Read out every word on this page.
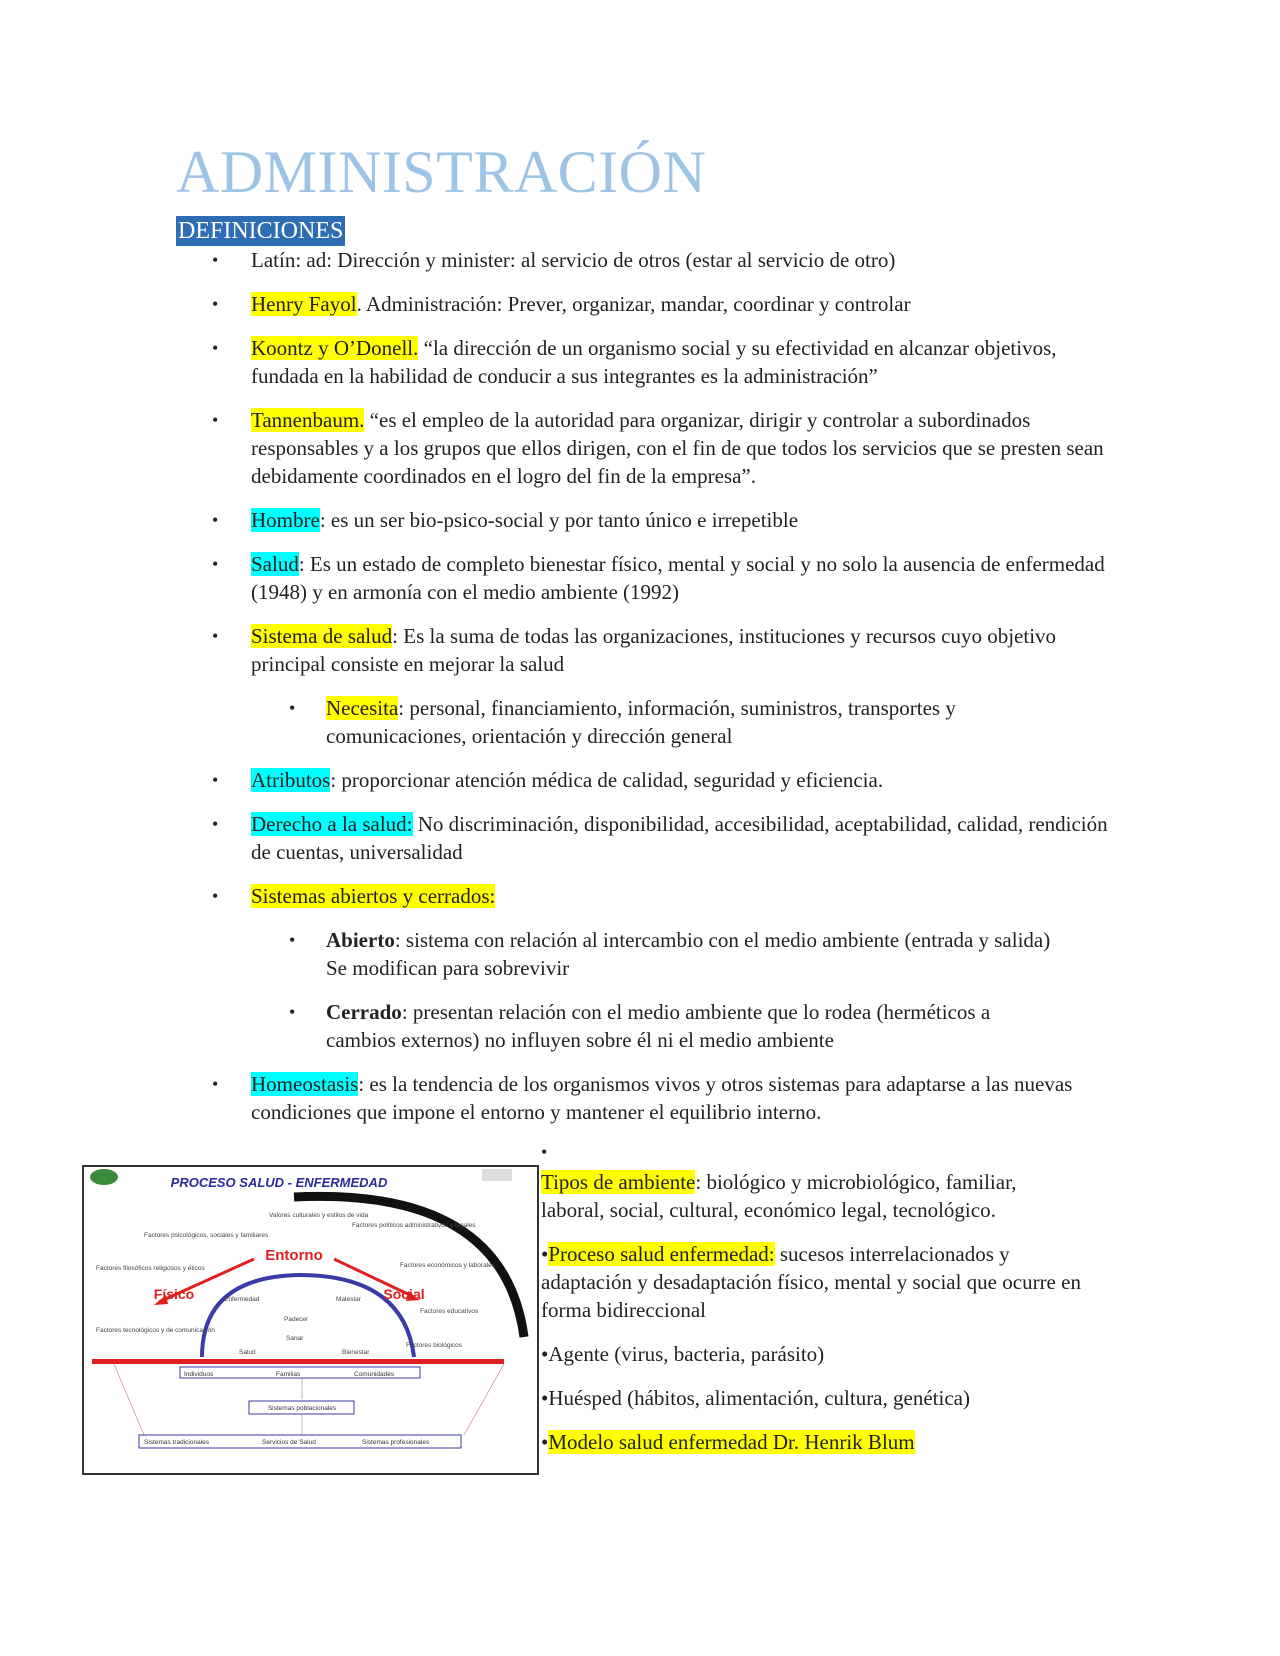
ADMINISTRACIÓN
DEFINICIONES
• Latín: ad: Dirección y minister: al servicio de otros (estar al servicio de otro)
• Henry Fayol. Administración: Prever, organizar, mandar, coordinar y controlar
• Koontz y O’Donell. “la dirección de un organismo social y su efectividad en alcanzar objetivos, fundada en la habilidad de conducir a sus integrantes es la administración”
• Tannenbaum. “es el empleo de la autoridad para organizar, dirigir y controlar a subordinados responsables y a los grupos que ellos dirigen, con el fin de que todos los servicios que se presten sean debidamente coordinados en el logro del fin de la empresa”.
• Hombre: es un ser bio-psico-social y por tanto único e irrepetible
• Salud: Es un estado de completo bienestar físico, mental y social y no solo la ausencia de enfermedad (1948) y en armonía con el medio ambiente (1992)
• Sistema de salud: Es la suma de todas las organizaciones, instituciones y recursos cuyo objetivo principal consiste en mejorar la salud
• Necesita: personal, financiamiento, información, suministros, transportes y comunicaciones, orientación y dirección general
• Atributos: proporcionar atención médica de calidad, seguridad y eficiencia.
• Derecho a la salud: No discriminación, disponibilidad, accesibilidad, aceptabilidad, calidad, rendición de cuentas, universalidad
• Sistemas abiertos y cerrados:
• Abierto: sistema con relación al intercambio con el medio ambiente (entrada y salida) Se modifican para sobrevivir
• Cerrado: presentan relación con el medio ambiente que lo rodea (herméticos a cambios externos) no influyen sobre él ni el medio ambiente
• Homeostasis: es la tendencia de los organismos vivos y otros sistemas para adaptarse a las nuevas condiciones que impone el entorno y mantener el equilibrio interno.
PROCESO SALUD - ENFERMEDAD
Entorno
Físico	Social
Valores culturales y estilos de vida
Factores psicológicos, sociales y familiares
Factores filosóficos religiosos y éticos
Factores tecnológicos y de comunicación
Factores políticos administrativos y legales
Factores económicos y laborales
Factores educativos
Factores biológicos
Enfermedad	Malestar
Padecer
Sanar
Salud	Bienestar
Individuos	Familias	Comunidades
Sistemas poblacionales
Sistemas tradicionales	Servicios de Salud	Sistemas profesionales
•
Tipos de ambiente: biológico y microbiológico, familiar, laboral, social, cultural, económico legal, tecnológico.
•Proceso salud enfermedad: sucesos interrelacionados y adaptación y desadaptación físico, mental y social que ocurre en forma bidireccional
•Agente (virus, bacteria, parásito)
•Huésped (hábitos, alimentación, cultura, genética)
•Modelo salud enfermedad Dr. Henrik Blum
